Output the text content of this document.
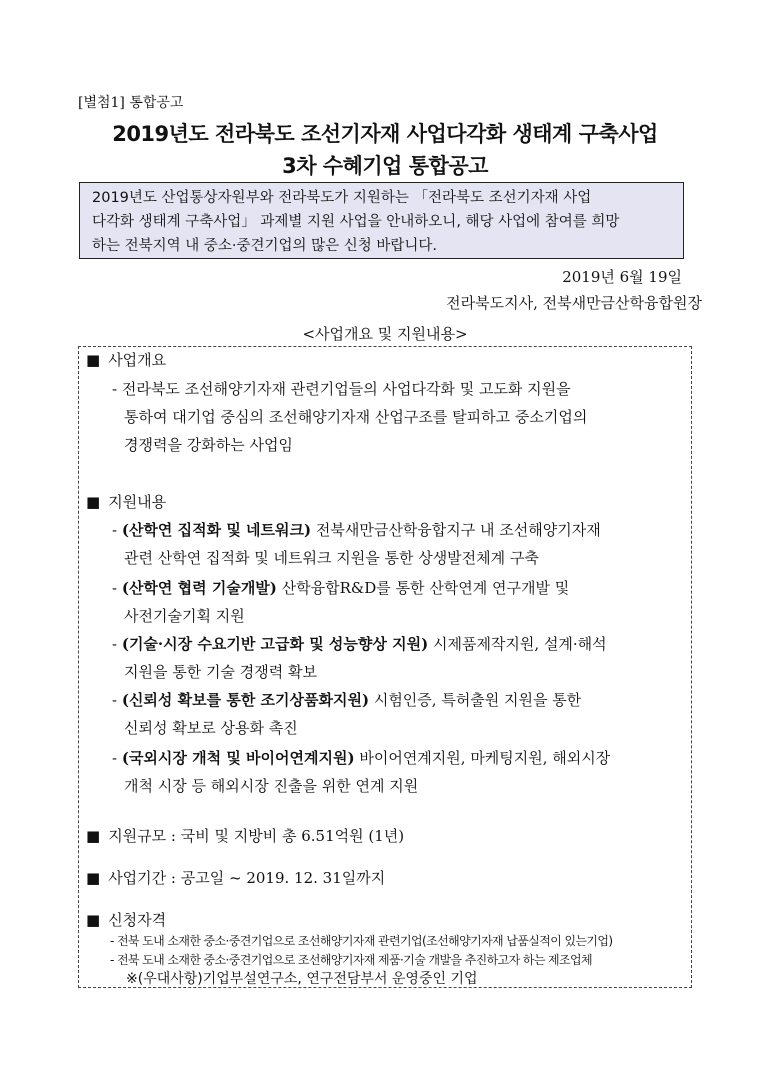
[별첨1] 통합공고
2019년도 전라북도 조선기자재 사업다각화 생태계 구축사업
3차 수혜기업 통합공고
2019년도 산업통상자원부와 전라북도가 지원하는 「전라북도 조선기자재 사업
다각화 생태계 구축사업」 과제별 지원 사업을 안내하오니, 해당 사업에 참여를 희망
하는 전북지역 내 중소·중견기업의 많은 신청 바랍니다.
2019년 6월 19일
전라북도지사, 전북새만금산학융합원장
<사업개요 및 지원내용>
■ 사업개요
- 전라북도 조선해양기자재 관련기업들의 사업다각화 및 고도화 지원을
통하여 대기업 중심의 조선해양기자재 산업구조를 탈피하고 중소기업의
경쟁력을 강화하는 사업임
■ 지원내용
- (산학연 집적화 및 네트워크) 전북새만금산학융합지구 내 조선해양기자재
관련 산학연 집적화 및 네트워크 지원을 통한 상생발전체계 구축
- (산학연 협력 기술개발) 산학융합R&D를 통한 산학연계 연구개발 및
사전기술기획 지원
- (기술·시장 수요기반 고급화 및 성능향상 지원) 시제품제작지원, 설계·해석
지원을 통한 기술 경쟁력 확보
- (신뢰성 확보를 통한 조기상품화지원) 시험인증, 특허출원 지원을 통한
신뢰성 확보로 상용화 촉진
- (국외시장 개척 및 바이어연계지원) 바이어연계지원, 마케팅지원, 해외시장
개척 시장 등 해외시장 진출을 위한 연계 지원
■ 지원규모 : 국비 및 지방비 총 6.51억원 (1년)
■ 사업기간 : 공고일 ~ 2019. 12. 31일까지
■ 신청자격
- 전북 도내 소재한 중소·중견기업으로 조선해양기자재 관련기업(조선해양기자재 납품실적이 있는기업)
- 전북 도내 소재한 중소·중견기업으로 조선해양기자재 제품·기술 개발을 추진하고자 하는 제조업체
※(우대사항)기업부설연구소, 연구전담부서 운영중인 기업
